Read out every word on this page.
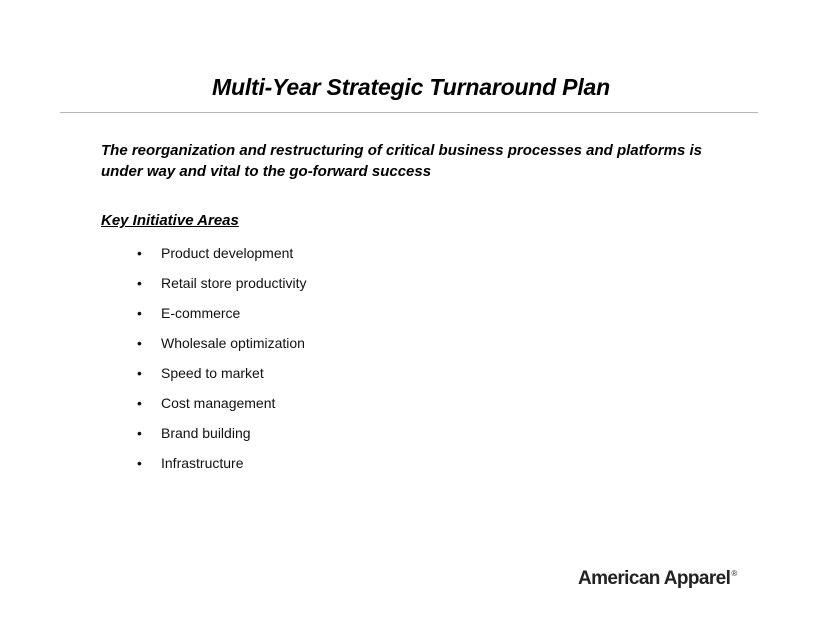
Multi-Year Strategic Turnaround Plan
The reorganization and restructuring of critical business processes and platforms is under way and vital to the go-forward success
Key Initiative Areas
• Product development
• Retail store productivity
• E-commerce
• Wholesale optimization
• Speed to market
• Cost management
• Brand building
• Infrastructure
American Apparel®
